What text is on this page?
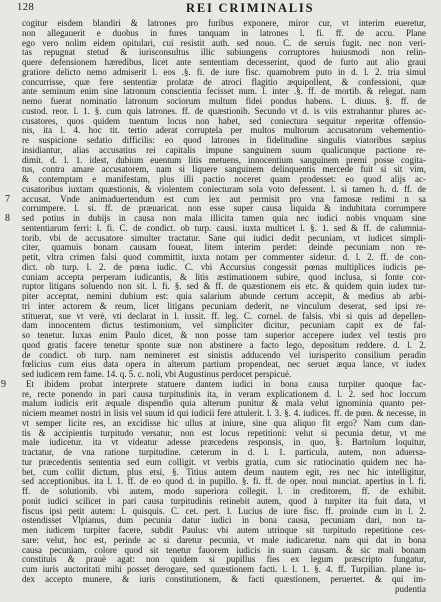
128	REI CRIMINALIS
cogitur eisdem blandiri & latrones pro furibus exponere, miror cur, vt interim eueretur,
non allegauerit e duobus in fures tanquam in latrones l. fi. ff. de accu. Plane
ego vero nolim eidem opitulari, cui resistit auth. sed nouo. C. de seruis fugit. nec non veri-
tas repugnat stetud & iurisconsultus illic subiungens corruptores huiusmodi non relin-
quere defensionem hæredibus, licet ante sententiam decesserint, quod de furto aut alio graui
gratiore delicto nemo admiserit l. eos .§. fi. de iure fisc. quamobrem puto in d. l. 2. tria simul
concurrisse, quæ fere sententiæ prolatæ de atroci flagitio æquipollent, & confessioni, quæ
ante seminum enim sine latronum conscientia fecisset num. l. inter .§. ff. de mortib. & relegat. nam
nemo fuerat nominatio latronum sociorum multum fidei pondus habens. l. diuus. §. ff. de
custod. reor. l. 1. §. cum quis latrones. ff. de quæstionib. Secundo vt d. is viis extrahantur plures ac-
cusatores, quos quidem tuentum locus non habet, sed coniectura sequitur reperitæ offensio-
nis, ita l. 4. hoc tit. tertio aderat corruptela per multos multorum accusatorum vehementio-
re suspicione sedatio difficilis: eo quod latrones in fidelitudine singulis viatoribus sæpius
insidiantur, alias accusatius rei capitalis impune sanguinem suum qualicunque pactione re-
dimit. d. l. 1. idest, dubium euentum litis metuens, innocentium sanguinem premi posse cogita-
tus, contra amare accusatorem, nam si liquere sanguinem delinquentis mercede fuit si sit vim,
& contemptam e manifestam, plus illi pactio noceret quam prodesset: eo quod alijs ac-
cusatoribus iuxtam quæstionis, & violentem coniecturam sola voto defessent. l. si tamen h. d. ff. de
7 accusat. Vnde animaduertendum est cum lex aut permisit pro vna famosæ redimi n sa
corrumpere. l. si. ff. de præuaricat. non esse super causa liquida & indubitata corrumpere
8 sed potius in dubijs in causa non mala illicita tamen quia nec iudici nobis vnquam sine
sententiarum ferri: l. fi. C. de condict. ob turp. causi. iuxta multicet l. §. 1. sed & ff. de calumnia-
torib. vbi de accusatore simulter tractatur. Sane qui iudici dedit pecuniam, vt iudicet simpli-
citer, quamuis bonam causam foueat, litem interim perdet: deinde pecuniam non re-
petit, vltra crimen falsi quod committit, iuxta notam per commenter sidetur. d. l. 2. ff. de con-
dict. ob turp. l. 2. de pœna iudic. C. vbi Accursius congessit pœnas multiplices iudicis pe-
cuniam accepta perperam iudicantis, & litis æstimationem subire, quod inclusa, si fonte cor-
ruptor litigans soluendo non sit. l. fi. §. sed & ff. de quæstionem eis etc. & quidem quin iudex tur-
piter acceptat, nemini dubium est: quia salarium abunde certum accepit, & medius ab arbi-
tri inter actorem & reum, licet litigans pecuniam dederit, ne vinculum deserat, sed ipsi re-
stituerat, sue vt verè, vti declarat in l. iussit. ff. leg. C. cornel. de falsis. vbi si quis ad depellen-
dam innocentem dictus testimonium, vel simpliciter dicitur, pecuniam capit ex de fal-
so tenetur. Iuxas enim Paulo dicet, & non posse tam superior accepere iudex vel testis pro
quod gratis facere tenetur sponte suæ non abstinere a facto lego, depositum reddere. d. l. 2.
de condict. ob turp. nam nemineret est sinistis adducendo vel iurisperito consilium peradin
fœlicius cum eius data opera in alterum partium propendeat, nec seruet æqua lance, vt iudex
sed iudicem rem fame. 14. q. 5. c. noli, vbi Augustinus perdocet perspicuè.
9 Et ibidem probat interprete statuere dantem iudici in bona causa turpiter quoque fac-
re, recte ponendo in pari causa turpitudinis ita, in veram explicationem d. l. 2. sed hoc loccum
malum iudicis erit æquale dispendio quia alterum punitur & mala velut ignominia quanto per-
niciem meamet nostri in lisis vel suum id qui iudicii fere attulerit. l. 3. §. 4. iudices. ff. de pœn. & necesse, in
vt semper licite res, an excidisse hic ullus at iniure, sine qua aliquo fit ergo? Nam cum dan-
tis & accipientis turpitudo versatur, non est locus repetitioni: velut si pecunia detur, vt me
male iudicetur. ita vt videatur adesse præcedens responsis, in quo, §. Bartolum loquitur,
tractatur, de vna ratione turpitudine. cæterum in d. l. 1. particula, autem, non aduersa-
tur præcedentis sententia sed eum colligit. vt verbis gratia, cum sic ratiocinatio quidem nec ha-
bet, cum collit dictum, plus etsi, §. Titius autem deum nautem egit, res nec hic intelligitur,
sed acceptionibus. ita l. 1. ff. de eo quod d. in pupillo. §. fi. ff. de oper. noui nunciat. apertius in l. fi.
ff. de solutionib. vbi autem, modo superiora collegit. l. in creditorem, ff. de exhibit.
ponit iudici scilicet in pari causa turpitudinis retinebit autem, quod à turpiter ita fuit data, vt
fiscus ipsi petit autem: l. quisquis. C. cet. pert. l. Lucius de iure fisc. ff. proinde cum in l. 2.
ostendisset Vlpianus, dum pecunia datur iudici in bona causa, pecuniam dari, non ta-
men iudicem turpiter facere, subdit Paulus: vbi autem utrinque sit turpitudo repetitione ces-
sare: velut, hoc est, perinde ac si daretur pecunia, vt male iudicaretur. nam qui dat in bona
causa pecuniam, colore quod sit tenetur fauorem iudicis in suam causam. & sic mali bonam
constituis & prauè agat: non quidem si pupillus fies ex legum præscripto fungatur,
cum iuris auctoritati mihi posset derogare, sed quæstionem facti. l. l. 1. §. 4. ff. Turpilian. plane iu-
dex accepto munere, & iuris constitutionem, & facti quæstionem, peruertet. & qui im-
pudentia
